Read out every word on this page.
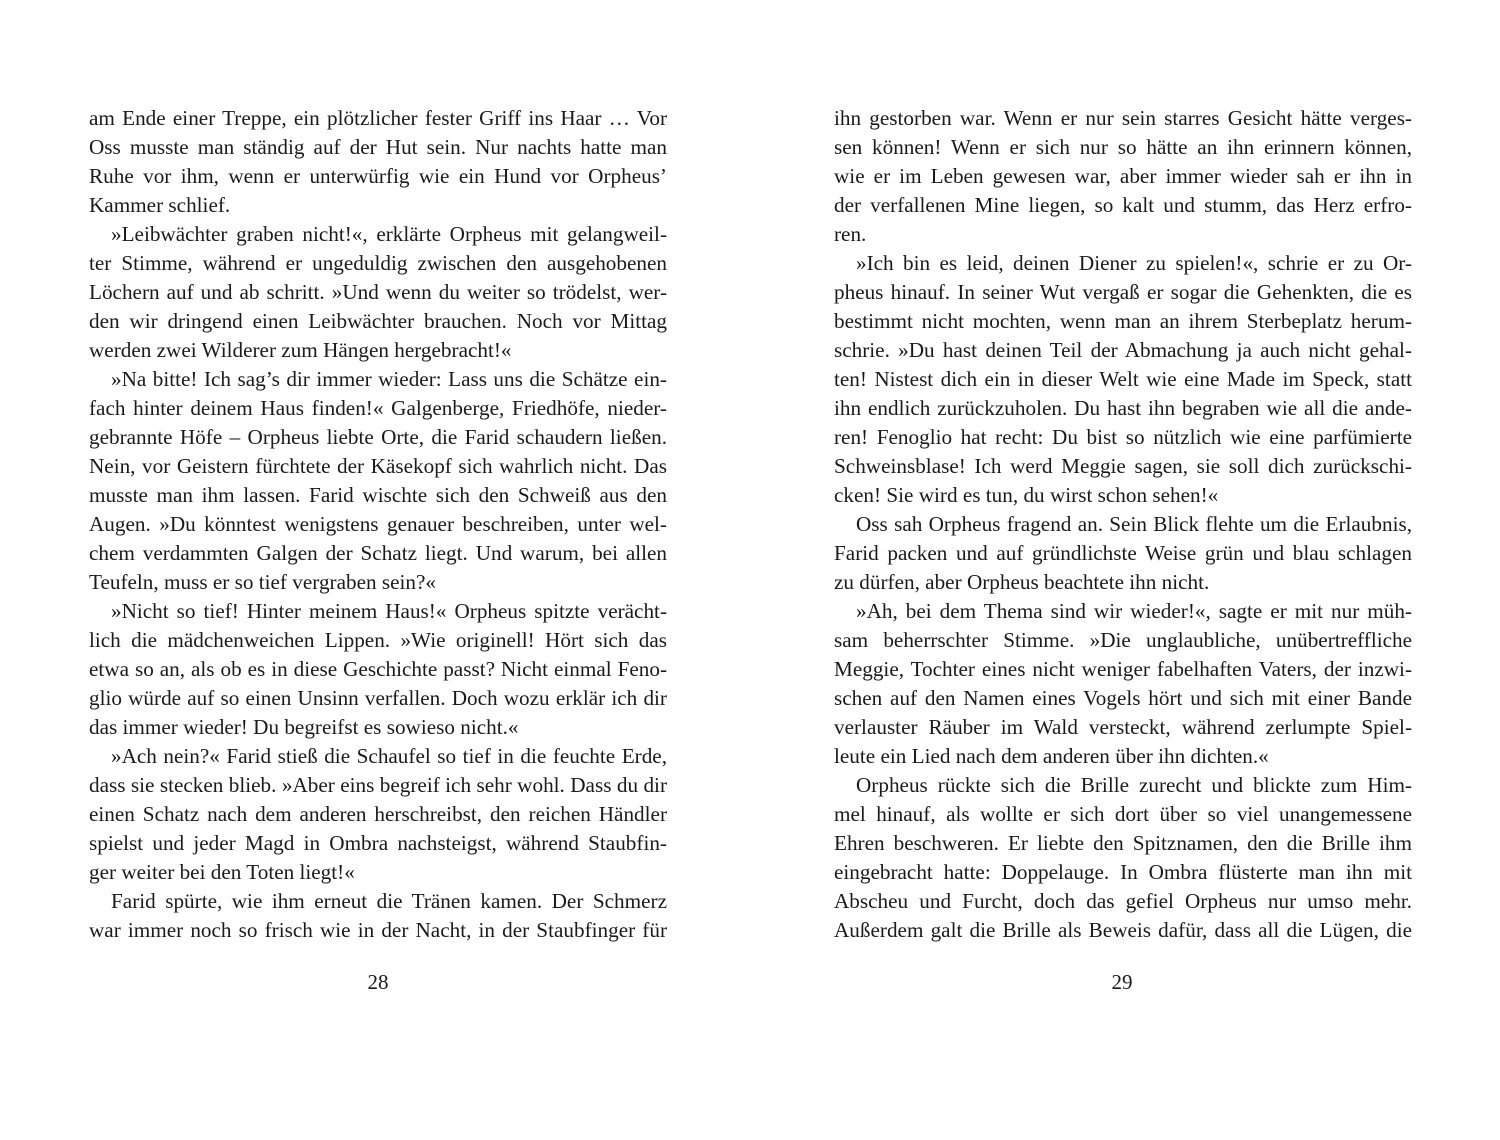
am Ende einer Treppe, ein plötzlicher fester Griff ins Haar … Vor
Oss musste man ständig auf der Hut sein. Nur nachts hatte man
Ruhe vor ihm, wenn er unterwürfig wie ein Hund vor Orpheus’
Kammer schlief.
»Leibwächter graben nicht!«, erklärte Orpheus mit gelangweil-
ter Stimme, während er ungeduldig zwischen den ausgehobenen
Löchern auf und ab schritt. »Und wenn du weiter so trödelst, wer-
den wir dringend einen Leibwächter brauchen. Noch vor Mittag
werden zwei Wilderer zum Hängen hergebracht!«
»Na bitte! Ich sag’s dir immer wieder: Lass uns die Schätze ein-
fach hinter deinem Haus finden!« Galgenberge, Friedhöfe, nieder-
gebrannte Höfe – Orpheus liebte Orte, die Farid schaudern ließen.
Nein, vor Geistern fürchtete der Käsekopf sich wahrlich nicht. Das
musste man ihm lassen. Farid wischte sich den Schweiß aus den
Augen. »Du könntest wenigstens genauer beschreiben, unter wel-
chem verdammten Galgen der Schatz liegt. Und warum, bei allen
Teufeln, muss er so tief vergraben sein?«
»Nicht so tief! Hinter meinem Haus!« Orpheus spitzte verächt-
lich die mädchenweichen Lippen. »Wie originell! Hört sich das
etwa so an, als ob es in diese Geschichte passt? Nicht einmal Feno-
glio würde auf so einen Unsinn verfallen. Doch wozu erklär ich dir
das immer wieder! Du begreifst es sowieso nicht.«
»Ach nein?« Farid stieß die Schaufel so tief in die feuchte Erde,
dass sie stecken blieb. »Aber eins begreif ich sehr wohl. Dass du dir
einen Schatz nach dem anderen herschreibst, den reichen Händler
spielst und jeder Magd in Ombra nachsteigst, während Staubfin-
ger weiter bei den Toten liegt!«
Farid spürte, wie ihm erneut die Tränen kamen. Der Schmerz
war immer noch so frisch wie in der Nacht, in der Staubfinger für
28
ihn gestorben war. Wenn er nur sein starres Gesicht hätte verges-
sen können! Wenn er sich nur so hätte an ihn erinnern können,
wie er im Leben gewesen war, aber immer wieder sah er ihn in
der verfallenen Mine liegen, so kalt und stumm, das Herz erfro-
ren.
»Ich bin es leid, deinen Diener zu spielen!«, schrie er zu Or-
pheus hinauf. In seiner Wut vergaß er sogar die Gehenkten, die es
bestimmt nicht mochten, wenn man an ihrem Sterbeplatz herum-
schrie. »Du hast deinen Teil der Abmachung ja auch nicht gehal-
ten! Nistest dich ein in dieser Welt wie eine Made im Speck, statt
ihn endlich zurückzuholen. Du hast ihn begraben wie all die ande-
ren! Fenoglio hat recht: Du bist so nützlich wie eine parfümierte
Schweinsblase! Ich werd Meggie sagen, sie soll dich zurückschi-
cken! Sie wird es tun, du wirst schon sehen!«
Oss sah Orpheus fragend an. Sein Blick flehte um die Erlaubnis,
Farid packen und auf gründlichste Weise grün und blau schlagen
zu dürfen, aber Orpheus beachtete ihn nicht.
»Ah, bei dem Thema sind wir wieder!«, sagte er mit nur müh-
sam beherrschter Stimme. »Die unglaubliche, unübertreffliche
Meggie, Tochter eines nicht weniger fabelhaften Vaters, der inzwi-
schen auf den Namen eines Vogels hört und sich mit einer Bande
verlauster Räuber im Wald versteckt, während zerlumpte Spiel-
leute ein Lied nach dem anderen über ihn dichten.«
Orpheus rückte sich die Brille zurecht und blickte zum Him-
mel hinauf, als wollte er sich dort über so viel unangemessene
Ehren beschweren. Er liebte den Spitznamen, den die Brille ihm
eingebracht hatte: Doppelauge. In Ombra flüsterte man ihn mit
Abscheu und Furcht, doch das gefiel Orpheus nur umso mehr.
Außerdem galt die Brille als Beweis dafür, dass all die Lügen, die
29
